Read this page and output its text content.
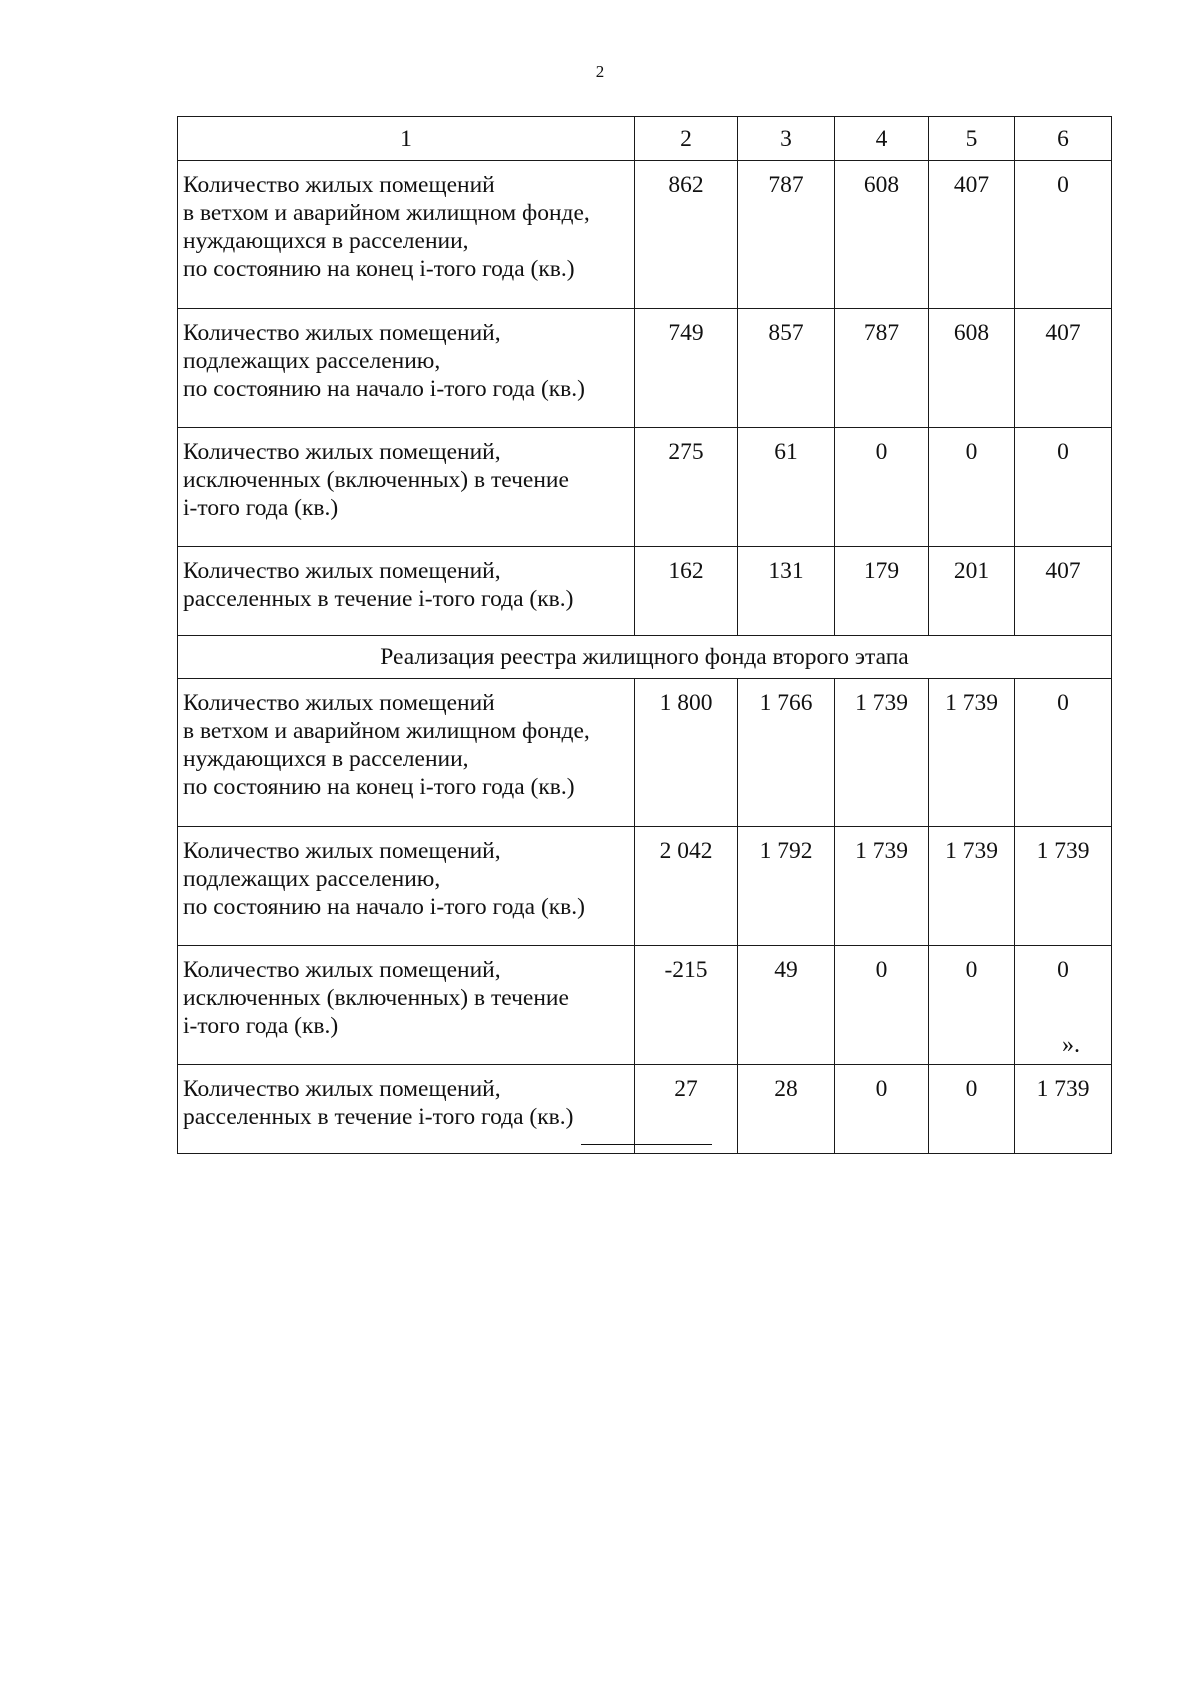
2
1	2	3	4	5	6

Количество жилых помещений
в ветхом и аварийном жилищном фонде,
нуждающихся в расселении,
по состоянию на конец i-того года (кв.)	862	787	608	407	0

Количество жилых помещений,
подлежащих расселению,
по состоянию на начало i-того года (кв.)	749	857	787	608	407

Количество жилых помещений,
исключенных (включенных) в течение
i-того года (кв.)	275	61	0	0	0

Количество жилых помещений,
расселенных в течение i-того года (кв.)	162	131	179	201	407
Реализация реестра жилищного фонда второго этапа					

Количество жилых помещений
в ветхом и аварийном жилищном фонде,
нуждающихся в расселении,
по состоянию на конец i-того года (кв.)	1 800	1 766	1 739	1 739	0

Количество жилых помещений,
подлежащих расселению,
по состоянию на начало i-того года (кв.)	2 042	1 792	1 739	1 739	1 739

Количество жилых помещений,
исключенных (включенных) в течение
i-того года (кв.)	-215	49	0	0	0

Количество жилых помещений,
расселенных в течение i-того года (кв.)	27	28	0	0	1 739
».
